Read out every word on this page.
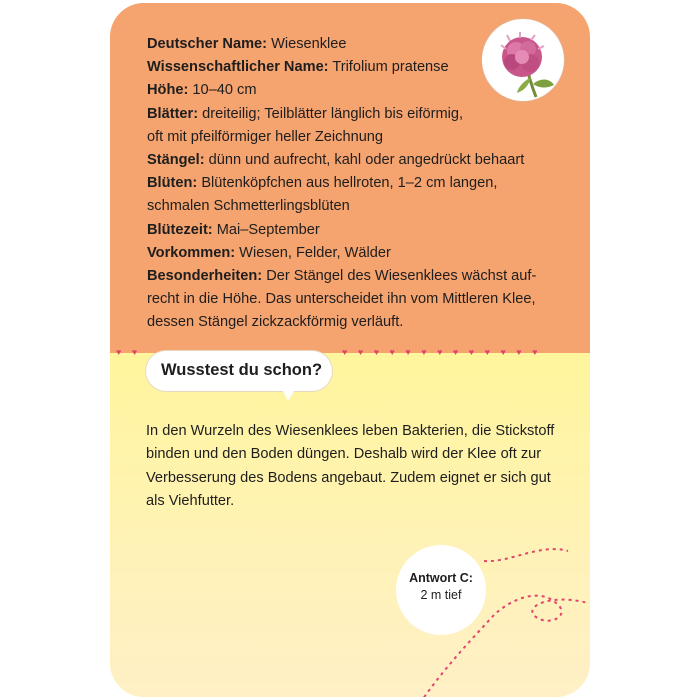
Deutscher Name: Wiesenklee

Wissenschaftlicher Name: Trifolium pratense

Höhe: 10–40 cm

Blätter: dreiteilig; Teilblätter länglich bis eiförmig, oft mit pfeilförmiger heller Zeichnung

Stängel: dünn und aufrecht, kahl oder angedrückt behaart

Blüten: Blütenköpfchen aus hellroten, 1–2 cm langen, schmalen Schmetterlingsblüten

Blütezeit: Mai–September

Vorkommen: Wiesen, Felder, Wälder

Besonderheiten: Der Stängel des Wiesenklees wächst auf-recht in die Höhe. Das unterscheidet ihn vom Mittleren Klee, dessen Stängel zickzackförmig verläuft.

♥ ♥	♥ ♥ ♥ ♥ ♥ ♥ ♥ ♥ ♥ ♥ ♥ ♥ ♥
Wusstest du schon?

In den Wurzeln des Wiesenklees leben Bakterien, die Stickstoff binden und den Boden düngen. Deshalb wird der Klee oft zur Verbesserung des Bodens angebaut. Zudem eignet er sich gut als Viehfutter.

Antwort C:
2 m tief
